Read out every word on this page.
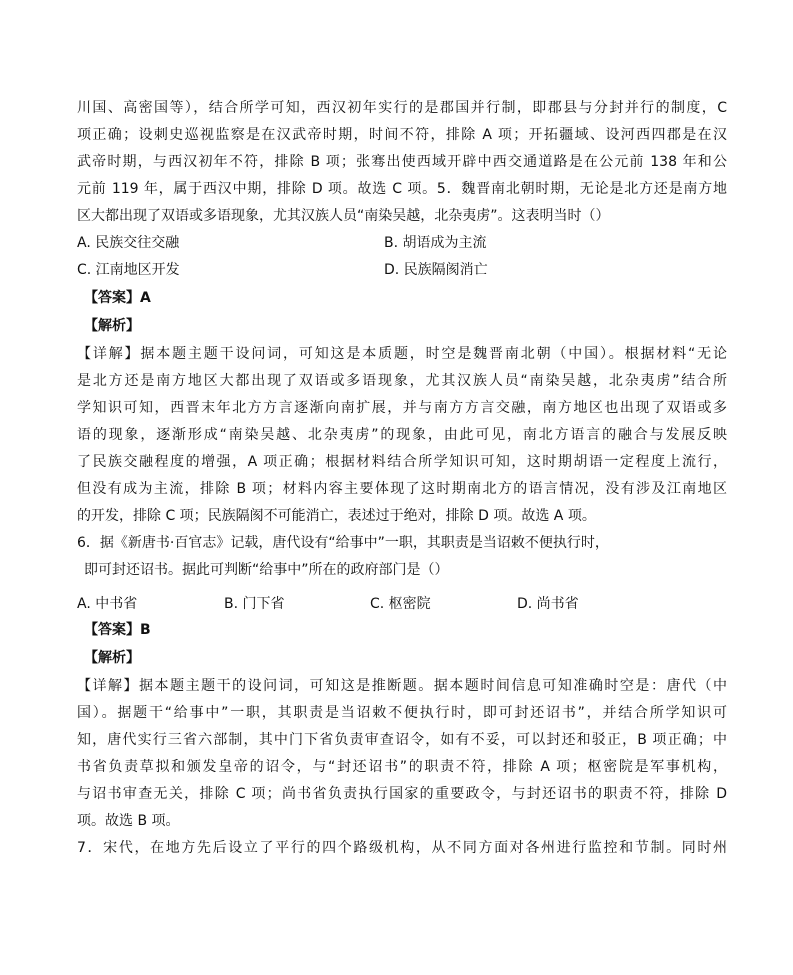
川国、高密国等），结合所学可知，西汉初年实行的是郡国并行制，即郡县与分封并行的制度，C
项正确；设刺史巡视监察是在汉武帝时期，时间不符，排除 A 项；开拓疆域、设河西四郡是在汉
武帝时期，与西汉初年不符，排除 B 项；张骞出使西域开辟中西交通道路是在公元前 138 年和公
元前 119 年，属于西汉中期，排除 D 项。故选 C 项。5．魏晋南北朝时期，无论是北方还是南方地
区大都出现了双语或多语现象，尤其汉族人员“南染吴越，北杂夷虏”。这表明当时（）
【答案】A
【解析】
【详解】据本题主题干设问词，可知这是本质题，时空是魏晋南北朝（中国）。根据材料“无论
是北方还是南方地区大都出现了双语或多语现象，尤其汉族人员“南染吴越，北杂夷虏”结合所
学知识可知，西晋末年北方方言逐渐向南扩展，并与南方方言交融，南方地区也出现了双语或多
语的现象，逐渐形成“南染吴越、北杂夷虏”的现象，由此可见，南北方语言的融合与发展反映
了民族交融程度的增强，A 项正确；根据材料结合所学知识可知，这时期胡语一定程度上流行，
但没有成为主流，排除 B 项；材料内容主要体现了这时期南北方的语言情况，没有涉及江南地区
的开发，排除 C 项；民族隔阂不可能消亡，表述过于绝对，排除 D 项。故选 A 项。
6．据《新唐书·百官志》记载，唐代设有“给事中”一职，其职责是当诏敕不便执行时，
即可封还诏书。据此可判断“给事中”所在的政府部门是（）
【答案】B
【解析】
【详解】据本题主题干的设问词，可知这是推断题。据本题时间信息可知准确时空是：唐代（中
国）。据题干“给事中”一职，其职责是当诏敕不便执行时，即可封还诏书”，并结合所学知识可
知，唐代实行三省六部制，其中门下省负责审查诏令，如有不妥，可以封还和驳正，B 项正确；中
书省负责草拟和颁发皇帝的诏令，与“封还诏书”的职责不符，排除 A 项；枢密院是军事机构，
与诏书审查无关，排除 C 项；尚书省负责执行国家的重要政令，与封还诏书的职责不符，排除 D
项。故选 B 项。
7．宋代，在地方先后设立了平行的四个路级机构，从不同方面对各州进行监控和节制。同时州
A. 民族交往交融	B. 胡语成为主流
C. 江南地区开发	D. 民族隔阂消亡
A. 中书省	B. 门下省	C. 枢密院	D. 尚书省
